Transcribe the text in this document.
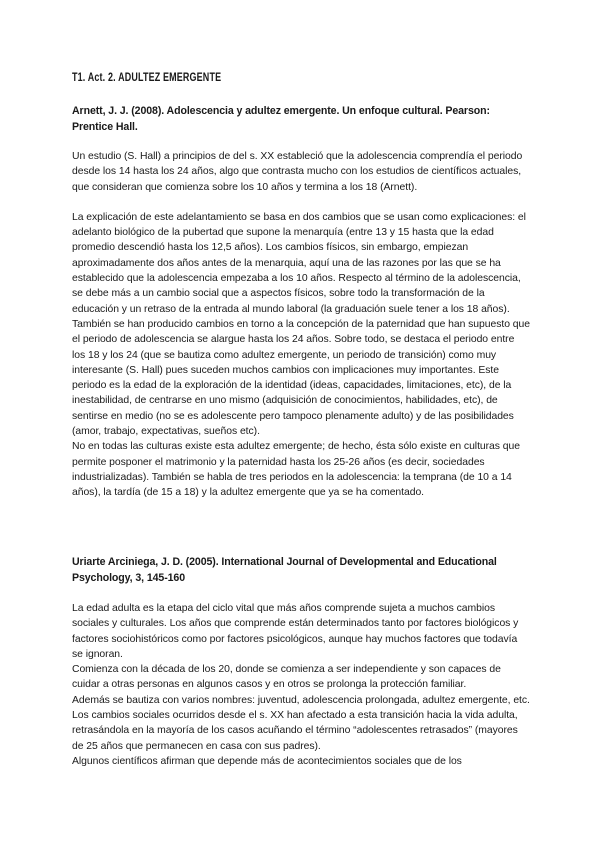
T1. Act. 2. ADULTEZ EMERGENTE
Arnett, J. J. (2008). Adolescencia y adultez emergente. Un enfoque cultural. Pearson: Prentice Hall.

Un estudio (S. Hall) a principios de del s. XX estableció que la adolescencia comprendía el periodo desde los 14 hasta los 24 años, algo que contrasta mucho con los estudios de científicos actuales, que consideran que comienza sobre los 10 años y termina a los 18 (Arnett).

La explicación de este adelantamiento se basa en dos cambios que se usan como explicaciones: el adelanto biológico de la pubertad que supone la menarquía (entre 13 y 15 hasta que la edad promedio descendió hasta los 12,5 años). Los cambios físicos, sin embargo, empiezan aproximadamente dos años antes de la menarquia, aquí una de las razones por las que se ha establecido que la adolescencia empezaba a los 10 años. Respecto al término de la adolescencia, se debe más a un cambio social que a aspectos físicos, sobre todo la transformación de la educación y un retraso de la entrada al mundo laboral (la graduación suele tener a los 18 años). También se han producido cambios en torno a la concepción de la paternidad que han supuesto que el periodo de adolescencia se alargue hasta los 24 años. Sobre todo, se destaca el periodo entre los 18 y los 24 (que se bautiza como adultez emergente, un periodo de transición) como muy interesante (S. Hall) pues suceden muchos cambios con implicaciones muy importantes. Este periodo es la edad de la exploración de la identidad (ideas, capacidades, limitaciones, etc), de la inestabilidad, de centrarse en uno mismo (adquisición de conocimientos, habilidades, etc), de sentirse en medio (no se es adolescente pero tampoco plenamente adulto) y de las posibilidades (amor, trabajo, expectativas, sueños etc).

No en todas las culturas existe esta adultez emergente; de hecho, ésta sólo existe en culturas que permite posponer el matrimonio y la paternidad hasta los 25-26 años (es decir, sociedades industrializadas). También se habla de tres periodos en la adolescencia: la temprana (de 10 a 14 años), la tardía (de 15 a 18) y la adultez emergente que ya se ha comentado.

Uriarte Arciniega, J. D. (2005). International Journal of Developmental and Educational Psychology, 3, 145-160

La edad adulta es la etapa del ciclo vital que más años comprende sujeta a muchos cambios sociales y culturales. Los años que comprende están determinados tanto por factores biológicos y factores sociohistóricos como por factores psicológicos, aunque hay muchos factores que todavía se ignoran.

Comienza con la década de los 20, donde se comienza a ser independiente y son capaces de cuidar a otras personas en algunos casos y en otros se prolonga la protección familiar.

Además se bautiza con varios nombres: juventud, adolescencia prolongada, adultez emergente, etc. Los cambios sociales ocurridos desde el s. XX han afectado a esta transición hacia la vida adulta, retrasándola en la mayoría de los casos acuñando el término “adolescentes retrasados” (mayores de 25 años que permanecen en casa con sus padres).

Algunos científicos afirman que depende más de acontecimientos sociales que de los
